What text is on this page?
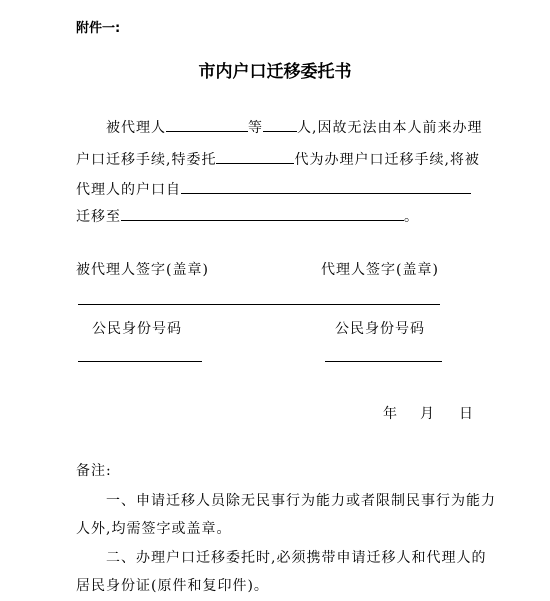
附件一:
市内户口迁移委托书
被代理人	等 人,因故无法由本人前来办理
户口迁移手续,特委托	代为办理户口迁移手续,将被
代理人的户口自
迁移至	。
被代理人签字(盖章)	代理人签字(盖章)
公民身份号码	公民身份号码
年 月 日
备注:
一、申请迁移人员除无民事行为能力或者限制民事行为能力
人外,均需签字或盖章。
二、办理户口迁移委托时,必须携带申请迁移人和代理人的
居民身份证(原件和复印件)。
